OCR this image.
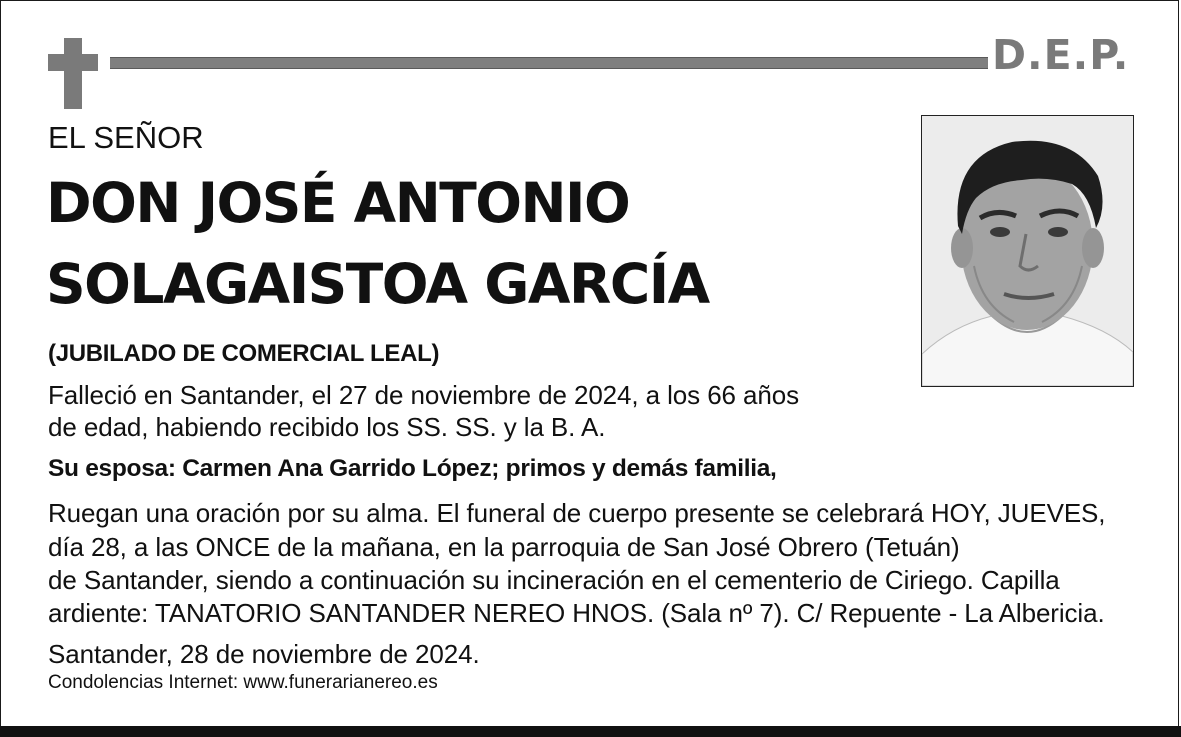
D.E.P.
EL SEÑOR
DON JOSÉ ANTONIO
SOLAGAISTOA GARCÍA
(JUBILADO DE COMERCIAL LEAL)
Falleció en Santander, el 27 de noviembre de 2024, a los 66 años
de edad, habiendo recibido los SS. SS. y la B. A.
Su esposa: Carmen Ana Garrido López; primos y demás familia,
Ruegan una oración por su alma. El funeral de cuerpo presente se celebrará HOY, JUEVES,
día 28, a las ONCE de la mañana, en la parroquia de San José Obrero (Tetuán)
de Santander, siendo a continuación su incineración en el cementerio de Ciriego. Capilla
ardiente: TANATORIO SANTANDER NEREO HNOS. (Sala nº 7). C/ Repuente - La Albericia.
Santander, 28 de noviembre de 2024.
Condolencias Internet: www.funerarianereo.es
